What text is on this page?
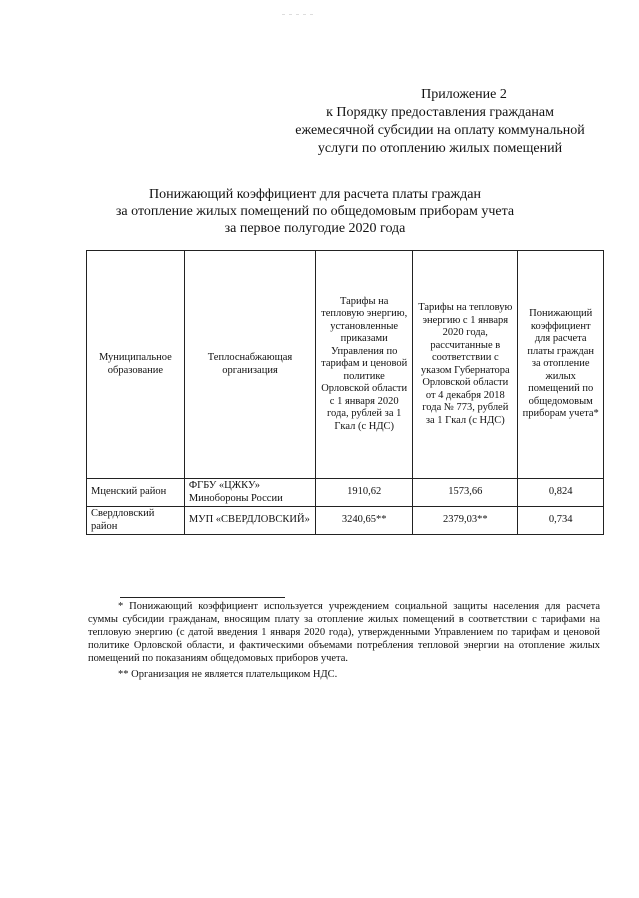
Приложение 2
к Порядку предоставления гражданам
ежемесячной субсидии на оплату коммунальной
услуги по отоплению жилых помещений
Понижающий коэффициент для расчета платы граждан
за отопление жилых помещений по общедомовым приборам учета
за первое полугодие 2020 года
Муниципальное образование	Теплоснабжающая организация	Тарифы на тепловую энергию, установленные приказами Управления по тарифам и ценовой политике Орловской области с 1 января 2020 года, рублей за 1 Гкал (с НДС)	Тарифы на тепловую энергию с 1 января 2020 года, рассчитанные в соответствии с указом Губернатора Орловской области от 4 декабря 2018 года № 773, рублей за 1 Гкал (с НДС)	Понижающий коэффициент для расчета платы граждан за отопление жилых помещений по общедомовым приборам учета*
Мценский район	ФГБУ «ЦЖКУ» Минобороны России	1910,62	1573,66	0,824
Свердловский район	МУП «СВЕРДЛОВСКИЙ»	3240,65**	2379,03**	0,734

* Понижающий коэффициент используется учреждением социальной защиты населения для расчета суммы субсидии гражданам, вносящим плату за отопление жилых помещений в соответствии с тарифами на тепловую энергию (с датой введения 1 января 2020 года), утвержденными Управлением по тарифам и ценовой политике Орловской области, и фактическими объемами потребления тепловой энергии на отопление жилых помещений по показаниям общедомовых приборов учета.

** Организация не является плательщиком НДС.
